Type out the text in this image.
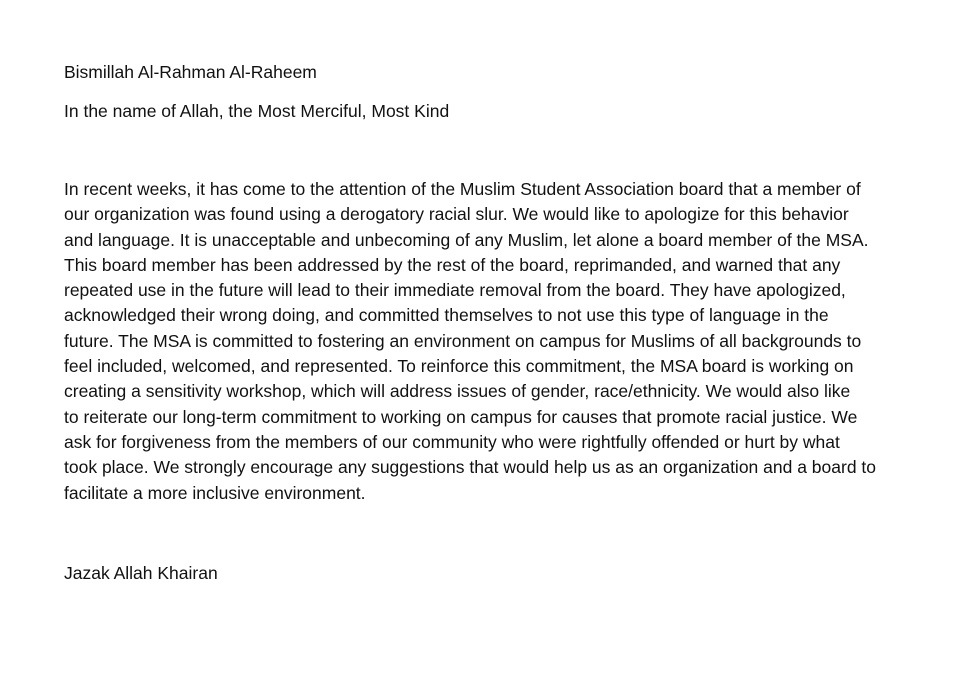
Bismillah Al-Rahman Al-Raheem

In the name of Allah, the Most Merciful, Most Kind

In recent weeks, it has come to the attention of the Muslim Student Association board that a member of
our organization was found using a derogatory racial slur. We would like to apologize for this behavior
and language. It is unacceptable and unbecoming of any Muslim, let alone a board member of the MSA.
This board member has been addressed by the rest of the board, reprimanded, and warned that any
repeated use in the future will lead to their immediate removal from the board. They have apologized,
acknowledged their wrong doing, and committed themselves to not use this type of language in the
future. The MSA is committed to fostering an environment on campus for Muslims of all backgrounds to
feel included, welcomed, and represented. To reinforce this commitment, the MSA board is working on
creating a sensitivity workshop, which will address issues of gender, race/ethnicity. We would also like
to reiterate our long-term commitment to working on campus for causes that promote racial justice. We
ask for forgiveness from the members of our community who were rightfully offended or hurt by what
took place. We strongly encourage any suggestions that would help us as an organization and a board to
facilitate a more inclusive environment.

Jazak Allah Khairan
